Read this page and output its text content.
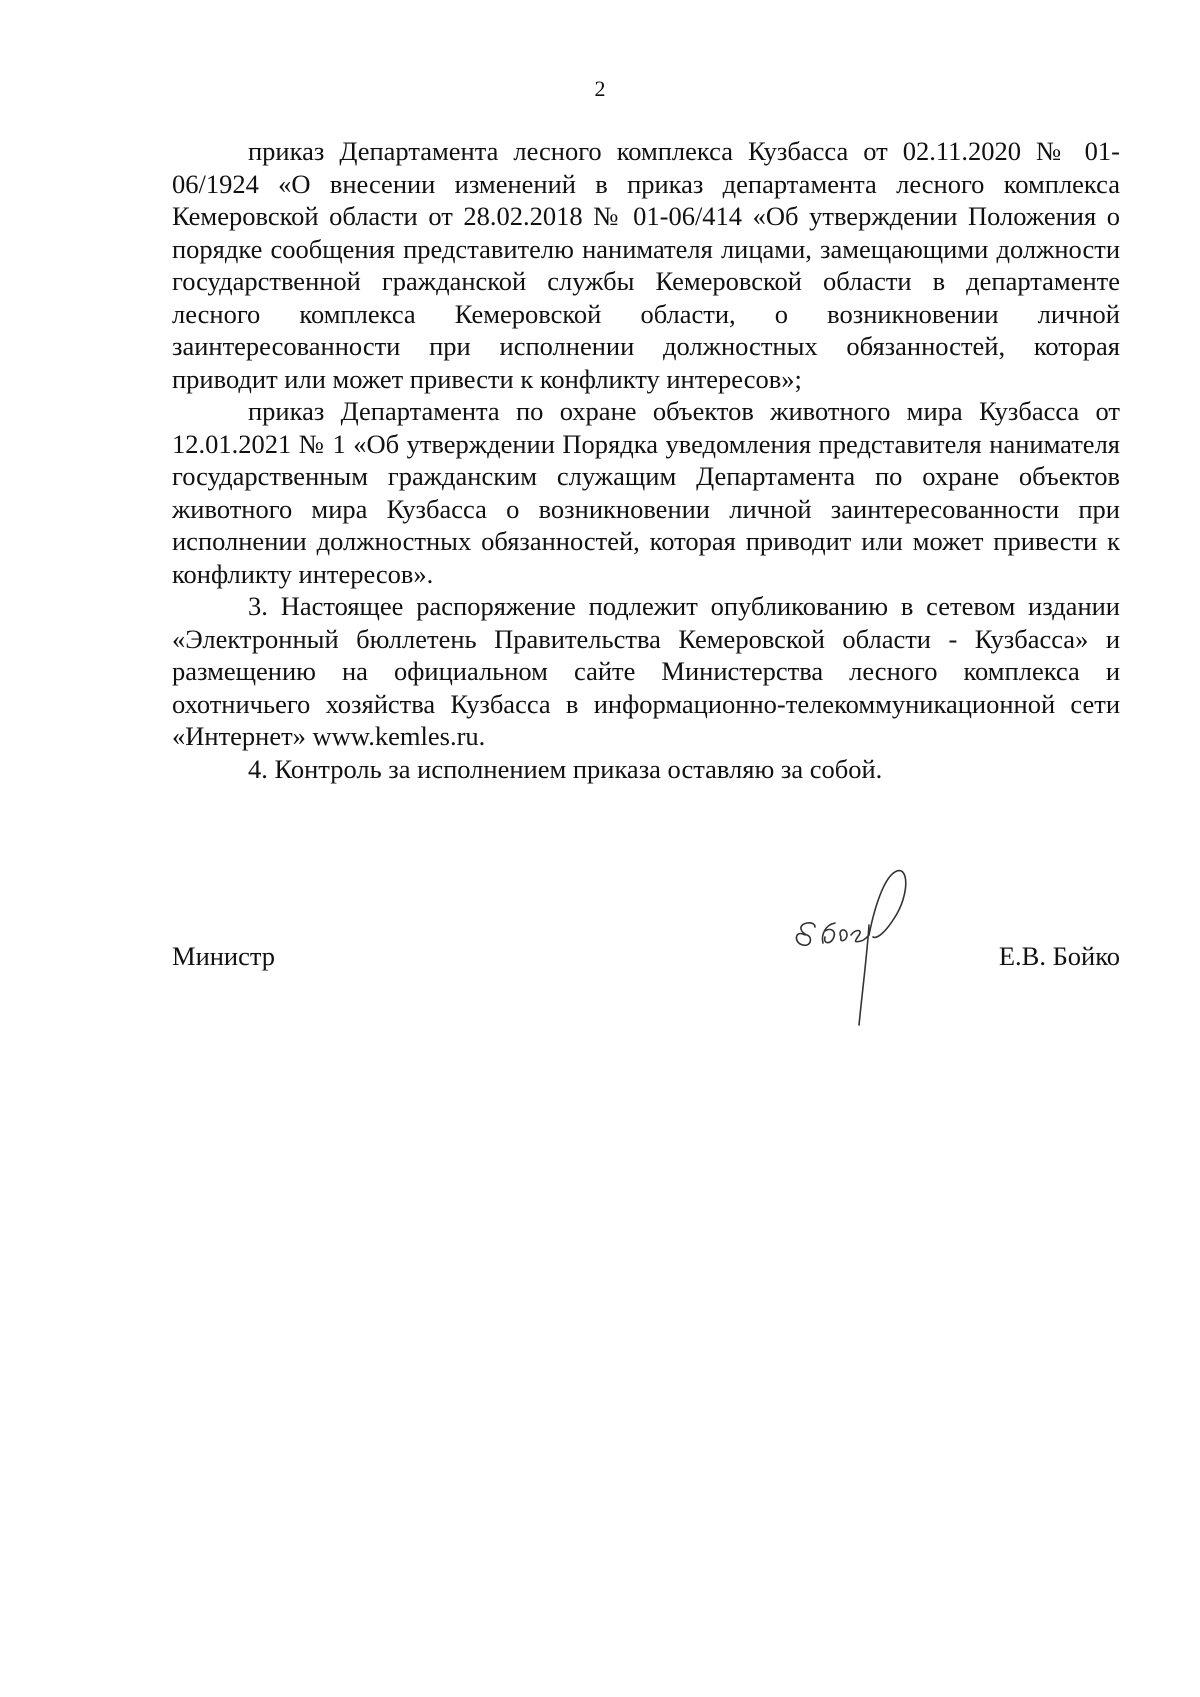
2

приказ Департамента лесного комплекса Кузбасса от 02.11.2020 № 01-06/1924 «О внесении изменений в приказ департамента лесного комплекса Кемеровской области от 28.02.2018 № 01-06/414 «Об утверждении Положения о порядке сообщения представителю нанимателя лицами, замещающими должности государственной гражданской службы Кемеровской области в департаменте лесного комплекса Кемеровской области, о возникновении личной заинтересованности при исполнении должностных обязанностей, которая приводит или может привести к конфликту интересов»;

приказ Департамента по охране объектов животного мира Кузбасса от 12.01.2021 № 1 «Об утверждении Порядка уведомления представителя нанимателя государственным гражданским служащим Департамента по охране объектов животного мира Кузбасса о возникновении личной заинтересованности при исполнении должностных обязанностей, которая приводит или может привести к конфликту интересов».

3. Настоящее распоряжение подлежит опубликованию в сетевом издании «Электронный бюллетень Правительства Кемеровской области - Кузбасса» и размещению на официальном сайте Министерства лесного комплекса и охотничьего хозяйства Кузбасса в информационно-телекоммуникационной сети «Интернет» www.kemles.ru.

4. Контроль за исполнением приказа оставляю за собой.

Министр	Е.В. Бойко
